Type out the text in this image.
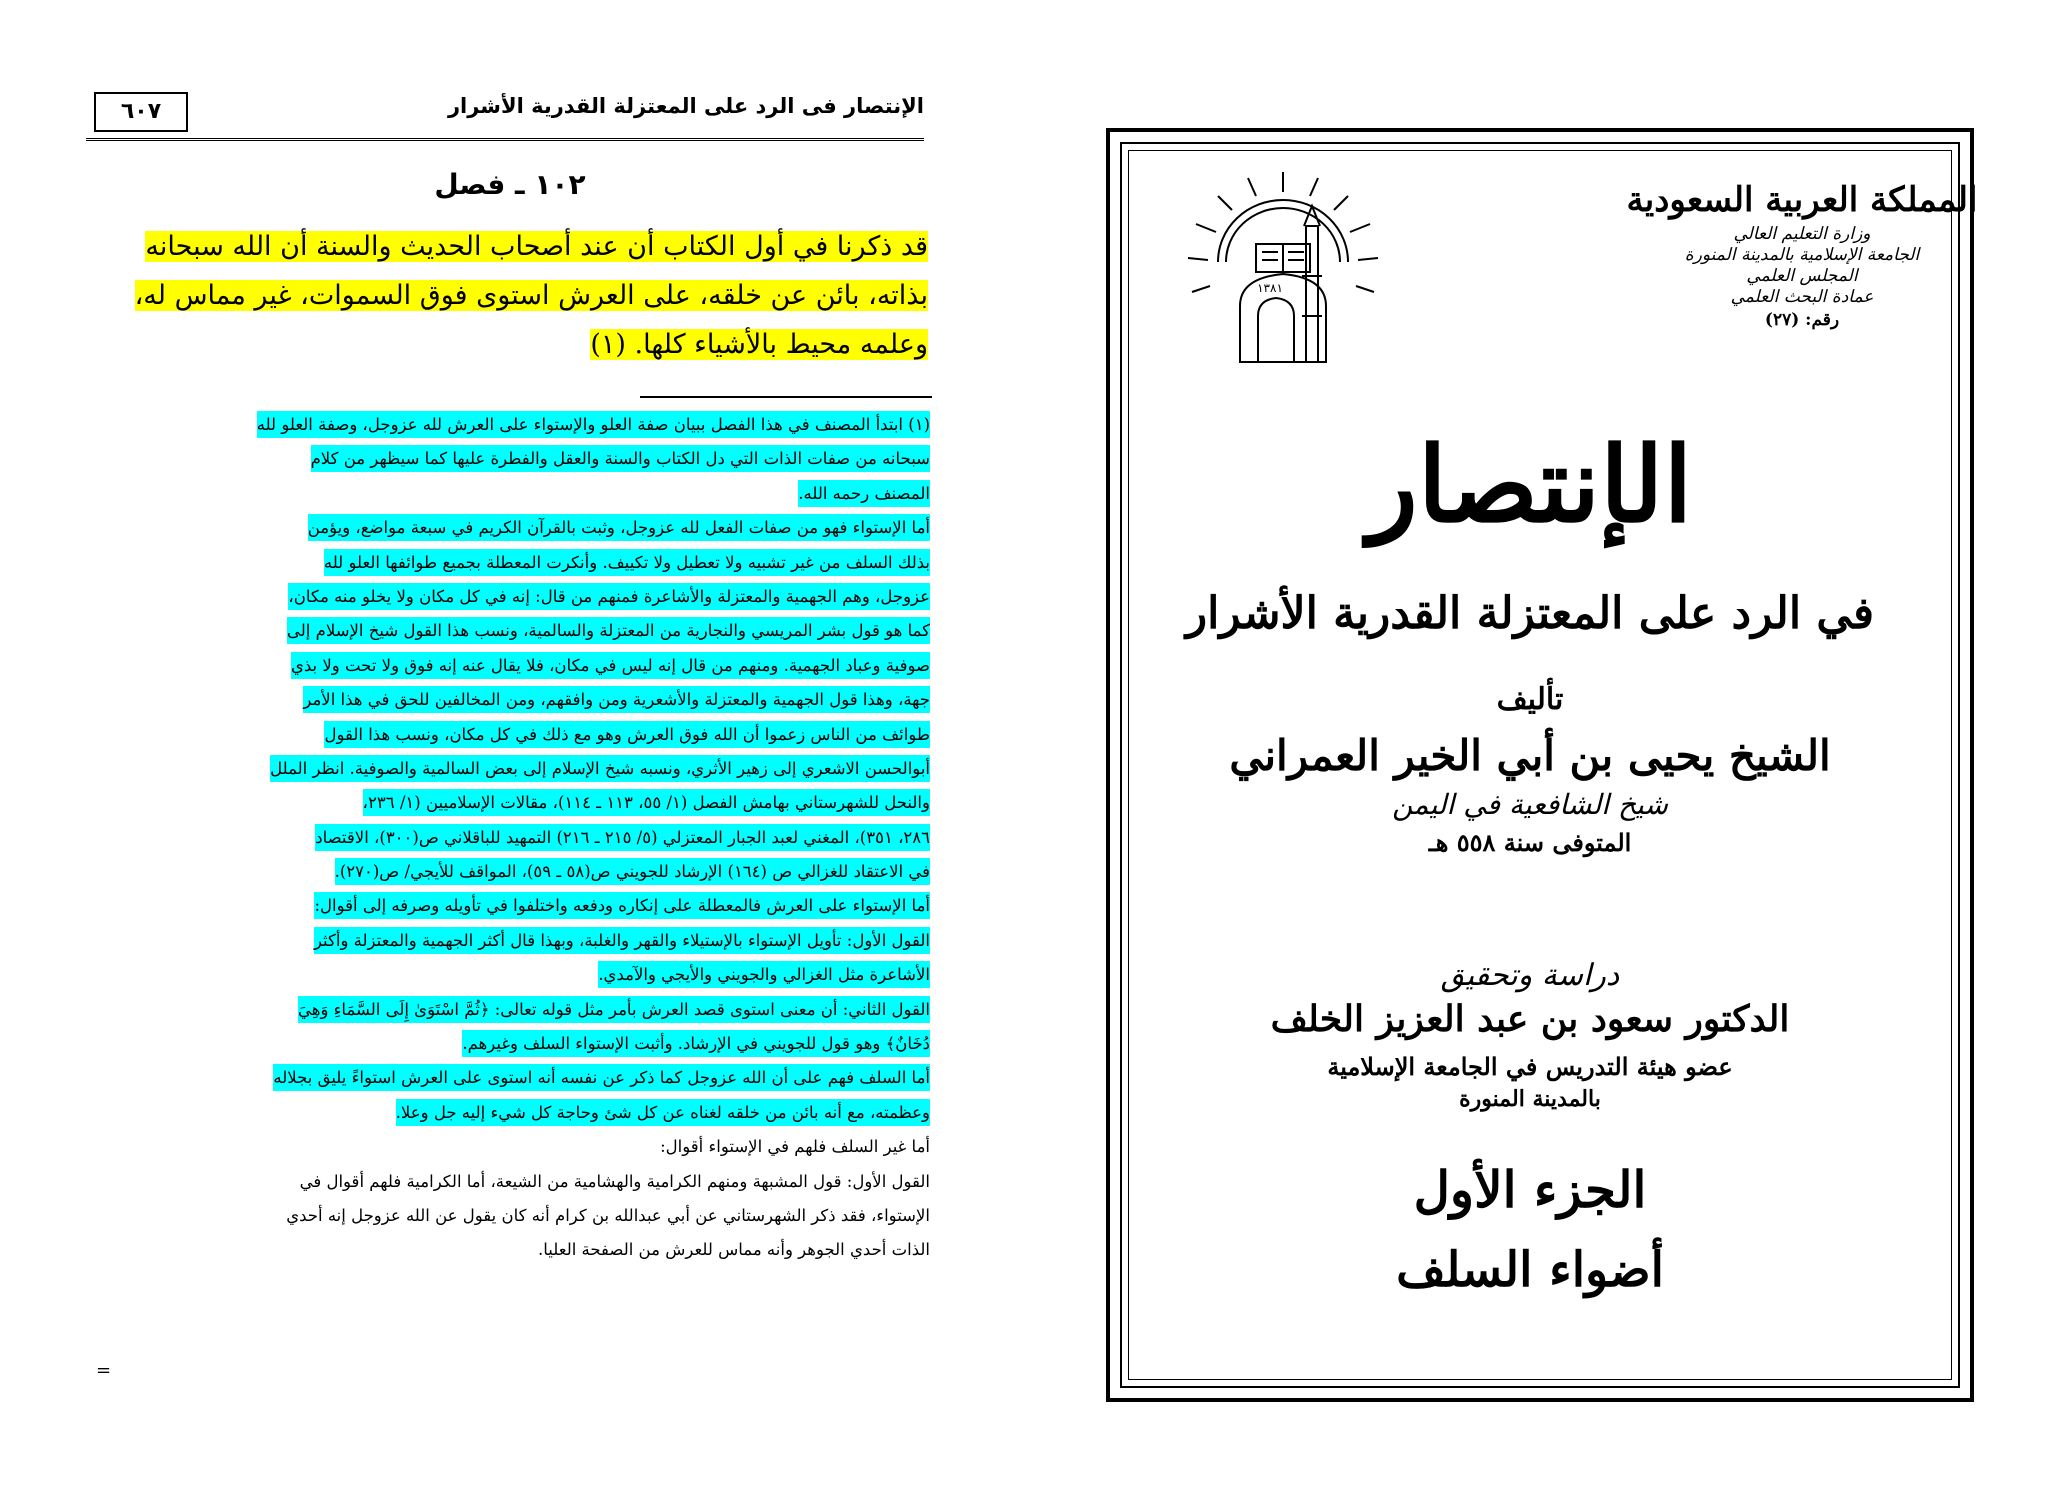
٦٠٧	الإنتصار فى الرد على المعتزلة القدرية الأشرار
١٠٢ ـ فصل
قد ذكرنا في أول الكتاب أن عند أصحاب الحديث والسنة أن الله سبحانه
بذاته، بائن عن خلقه، على العرش استوى فوق السموات، غير مماس له،
وعلمه محيط بالأشياء كلها. (١)
(١) ابتدأ المصنف في هذا الفصل ببيان صفة العلو والإستواء على العرش لله عزوجل، وصفة العلو لله
سبحانه من صفات الذات التي دل الكتاب والسنة والعقل والفطرة عليها كما سيظهر من كلام
المصنف رحمه الله.
أما الإستواء فهو من صفات الفعل لله عزوجل، وثبت بالقرآن الكريم في سبعة مواضع، ويؤمن
بذلك السلف من غير تشبيه ولا تعطيل ولا تكييف. وأنكرت المعطلة بجميع طوائفها العلو لله
عزوجل، وهم الجهمية والمعتزلة والأشاعرة فمنهم من قال: إنه في كل مكان ولا يخلو منه مكان،
كما هو قول بشر المريسي والنجارية من المعتزلة والسالمية، ونسب هذا القول شيخ الإسلام إلى
صوفية وعباد الجهمية. ومنهم من قال إنه ليس في مكان، فلا يقال عنه إنه فوق ولا تحت ولا بذي
جهة، وهذا قول الجهمية والمعتزلة والأشعرية ومن وافقهم، ومن المخالفين للحق في هذا الأمر
طوائف من الناس زعموا أن الله فوق العرش وهو مع ذلك في كل مكان، ونسب هذا القول
أبوالحسن الاشعري إلى زهير الأثري، ونسبه شيخ الإسلام إلى بعض السالمية والصوفية. انظر الملل
والنحل للشهرستاني بهامش الفصل (١/ ٥٥، ١١٣ ـ ١١٤)، مقالات الإسلاميين (١/ ٢٣٦،
٢٨٦، ٣٥١)، المغني لعبد الجبار المعتزلي (٥/ ٢١٥ ـ ٢١٦) التمهيد للباقلاني ص(٣٠٠)، الاقتصاد
في الاعتقاد للغزالي ص (١٦٤) الإرشاد للجويني ص(٥٨ ـ ٥٩)، المواقف للأيجي/ ص(٢٧٠).
أما الإستواء على العرش فالمعطلة على إنكاره ودفعه واختلفوا في تأويله وصرفه إلى أقوال:
القول الأول: تأويل الإستواء بالإستيلاء والقهر والغلبة، وبهذا قال أكثر الجهمية والمعتزلة وأكثر
الأشاعرة مثل الغزالي والجويني والأيجي والآمدي.
القول الثاني: أن معنى استوى قصد العرش بأمر مثل قوله تعالى: ﴿ثُمَّ اسْتَوَىٰ إِلَى السَّمَاءِ وَهِيَ
دُخَانٌ﴾ وهو قول للجويني في الإرشاد. وأثبت الإستواء السلف وغيرهم.
أما السلف فهم على أن الله عزوجل كما ذكر عن نفسه أنه استوى على العرش استواءً يليق بجلاله
وعظمته، مع أنه بائن من خلقه لغناه عن كل شئ وحاجة كل شيء إليه جل وعلا.
أما غير السلف فلهم في الإستواء أقوال:
القول الأول: قول المشبهة ومنهم الكرامية والهشامية من الشيعة، أما الكرامية فلهم أقوال في
الإستواء، فقد ذكر الشهرستاني عن أبي عبدالله بن كرام أنه كان يقول عن الله عزوجل إنه أحدي
الذات أحدي الجوهر وأنه مماس للعرش من الصفحة العليا.
=
المملكة العربية السعودية
وزارة التعليم العالي
الجامعة الإسلامية بالمدينة المنورة
المجلس العلمي
عمادة البحث العلمي
رقم: (٢٧)
١٣٨١
الإنتصار
في الرد على المعتزلة القدرية الأشرار
تأليف
الشيخ يحيى بن أبي الخير العمراني
شيخ الشافعية في اليمن
المتوفى سنة ٥٥٨ هـ
دراسة وتحقيق
الدكتور سعود بن عبد العزيز الخلف
عضو هيئة التدريس في الجامعة الإسلامية
بالمدينة المنورة
الجزء الأول
أضواء السلف
